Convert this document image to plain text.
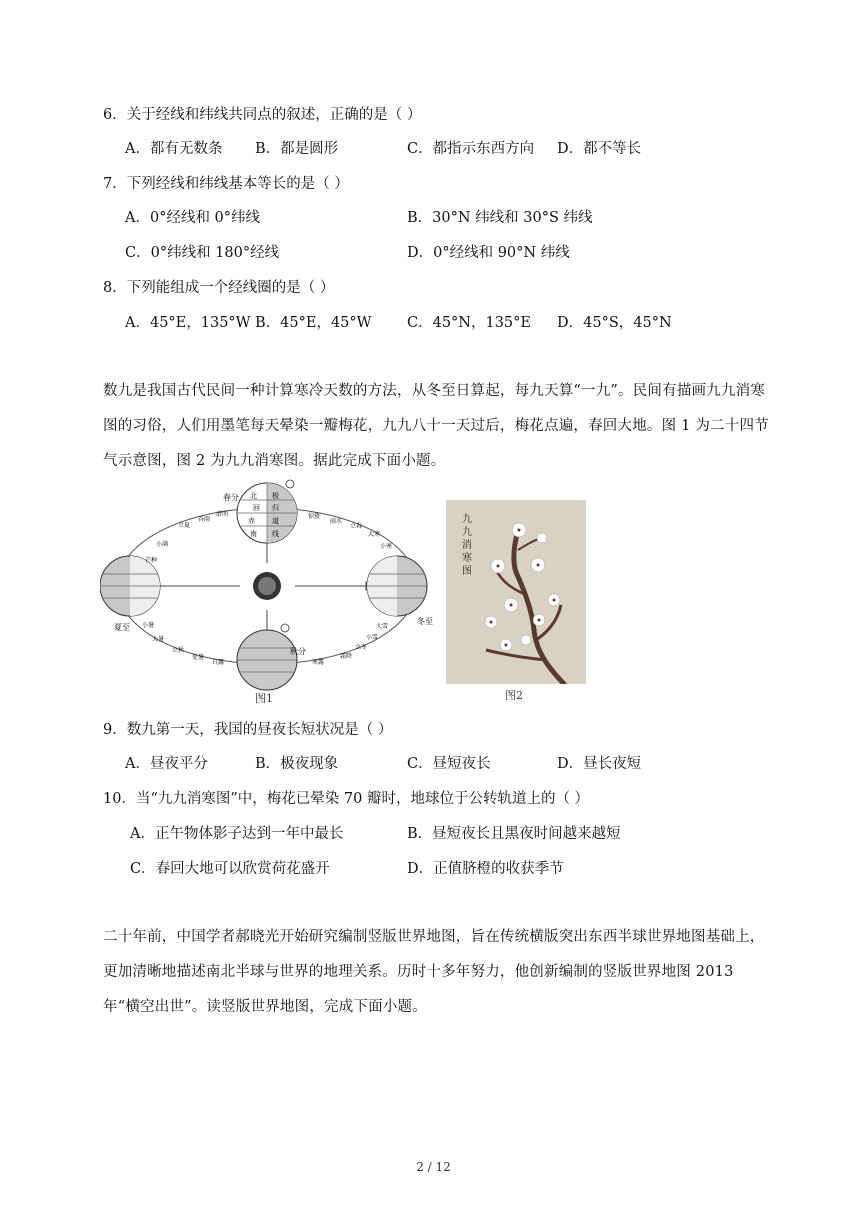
6．关于经线和纬线共同点的叙述，正确的是（ ）
A．都有无数条 B．都是圆形	C．都指示东西方向 D．都不等长
7．下列经线和纬线基本等长的是（ ）
A．0°经线和 0°纬线	B．30°N 纬线和 30°S 纬线
C．0°纬线和 180°经线	D．0°经线和 90°N 纬线
8．下列能组成一个经线圈的是（ ）
A．45°E，135°W B．45°E，45°W C．45°N，135°E D．45°S，45°N
数九是我国古代民间一种计算寒冷天数的方法，从冬至日算起，每九天算“一九”。民间有描画九九消寒图的习俗，人们用墨笔每天晕染一瓣梅花，九九八十一天过后，梅花点遍，春回大地。图 1 为二十四节气示意图，图 2 为九九消寒图。据此完成下面小题。
北 极
回 归
赤 道
南 线
春分
夏至
秋分
冬至
芒种
小满
立夏
谷雨
清明	惊蛰
雨水
立春
大寒
小寒
小暑
大暑
立秋
处暑
白露
大雪
小雪
立冬
霜降
寒露
图1
九
九
消
寒
图
图2
9．数九第一天，我国的昼夜长短状况是（ ）
A．昼夜平分	B．极夜现象	C．昼短夜长	D．昼长夜短
10．当“九九消寒图”中，梅花已晕染 70 瓣时，地球位于公转轨道上的（ ）
A．正午物体影子达到一年中最长	B．昼短夜长且黑夜时间越来越短
C．春回大地可以欣赏荷花盛开	D．正值脐橙的收获季节
二十年前，中国学者郝晓光开始研究编制竖版世界地图，旨在传统横版突出东西半球世界地图基础上，更加清晰地描述南北半球与世界的地理关系。历时十多年努力，他创新编制的竖版世界地图 2013 年“横空出世”。读竖版世界地图，完成下面小题。
2 / 12
